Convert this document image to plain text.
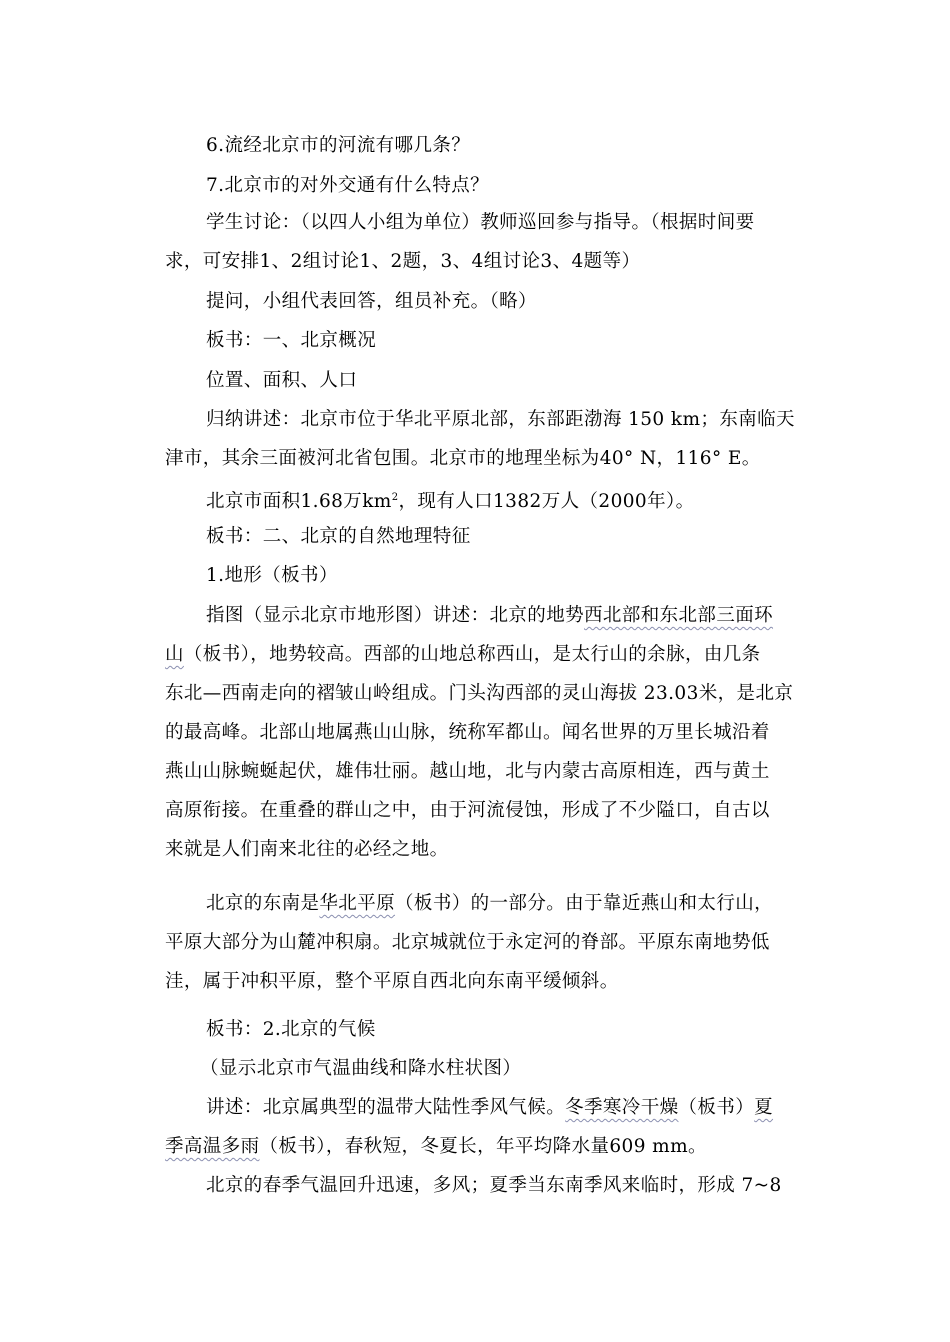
6.流经北京市的河流有哪几条？
7.北京市的对外交通有什么特点？
学生讨论：（以四人小组为单位）教师巡回参与指导。（根据时间要
求，可安排1、2组讨论1、2题，3、4组讨论3、4题等）
提问，小组代表回答，组员补充。（略）
板书：一、北京概况
位置、面积、人口
归纳讲述：北京市位于华北平原北部，东部距渤海 150 km；东南临天
津市，其余三面被河北省包围。北京市的地理坐标为40° N，116° E。
北京市面积1.68万$km^2$，现有人口1382万人（2000年）。
板书：二、北京的自然地理特征
1.地形（板书）
指图（显示北京市地形图）讲述：北京的地势西北部和东北部三面环
山（板书），地势较高。西部的山地总称西山，是太行山的余脉，由几条
东北—西南走向的褶皱山岭组成。门头沟西部的灵山海拔 23.03米，是北京
的最高峰。北部山地属燕山山脉，统称军都山。闻名世界的万里长城沿着
燕山山脉蜿蜒起伏，雄伟壮丽。越山地，北与内蒙古高原相连，西与黄土
高原衔接。在重叠的群山之中，由于河流侵蚀，形成了不少隘口，自古以
来就是人们南来北往的必经之地。
北京的东南是华北平原（板书）的一部分。由于靠近燕山和太行山，
平原大部分为山麓冲积扇。北京城就位于永定河的脊部。平原东南地势低
洼，属于冲积平原，整个平原自西北向东南平缓倾斜。
板书：2.北京的气候
（显示北京市气温曲线和降水柱状图）
讲述：北京属典型的温带大陆性季风气候。冬季寒冷干燥（板书）夏
季高温多雨（板书），春秋短，冬夏长，年平均降水量609 mm。
北京的春季气温回升迅速，多风；夏季当东南季风来临时，形成 7~8
